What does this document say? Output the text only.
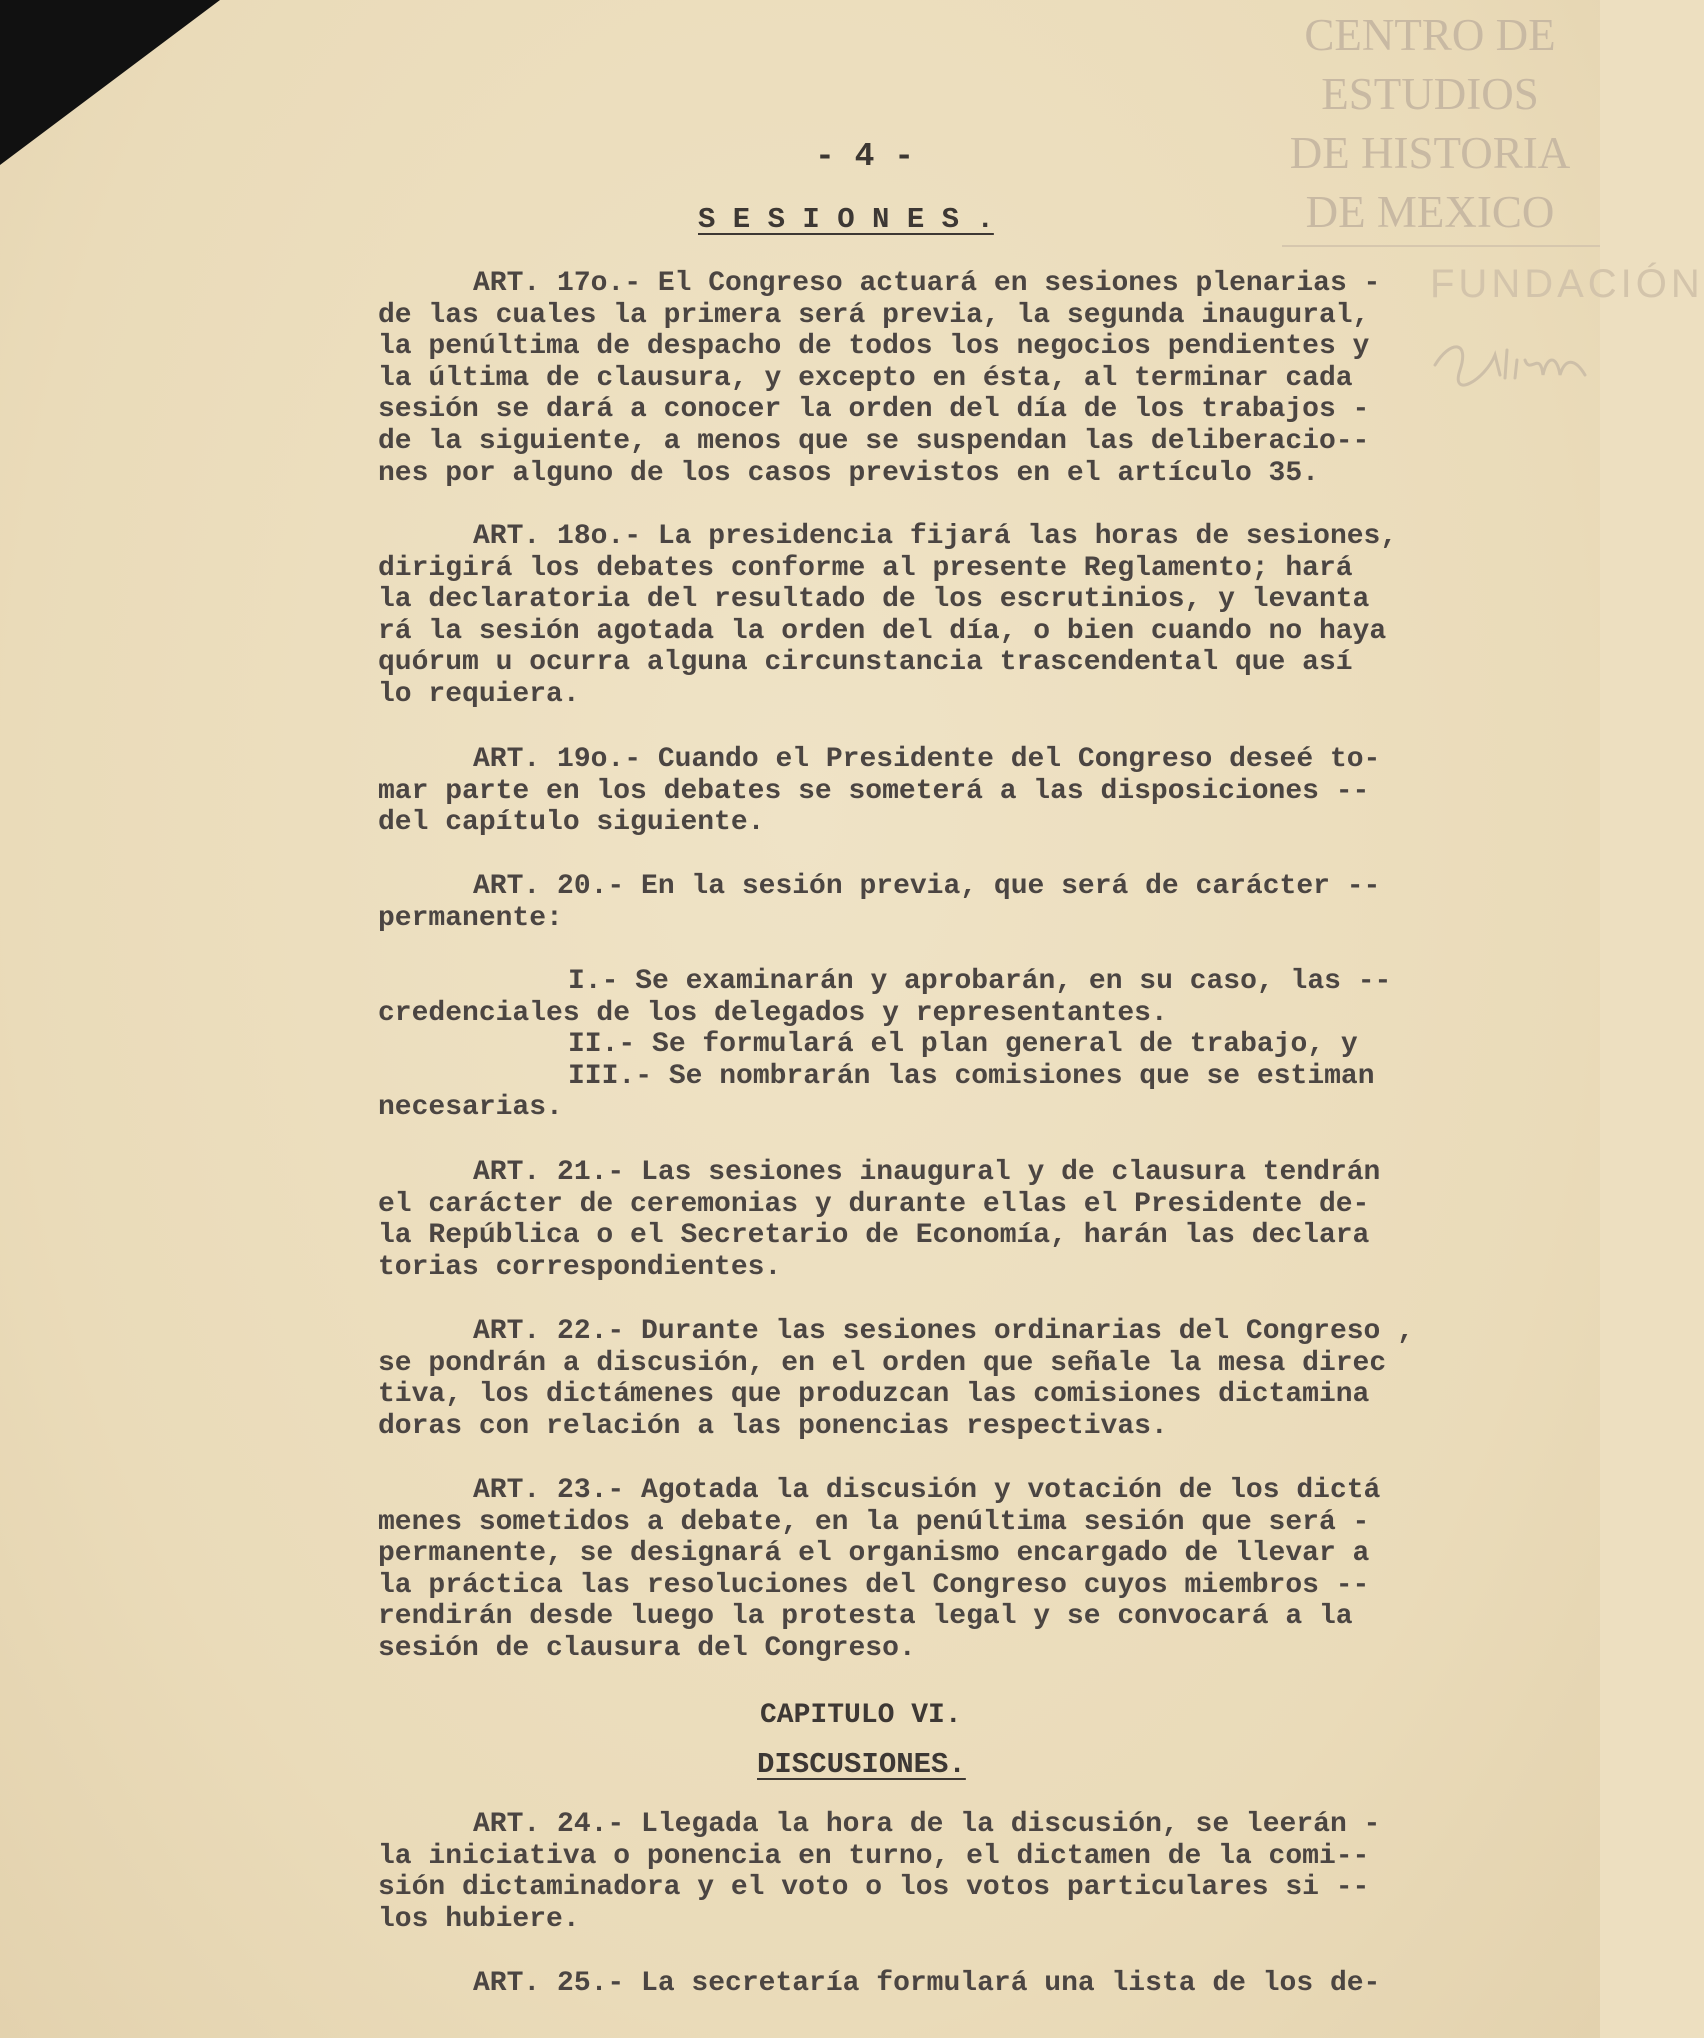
CENTRO DE
ESTUDIOS
DE HISTORIA
DE MEXICO
FUNDACIÓN
- 4 -
S E S I O N E S .
ART. 17o.- El Congreso actuará en sesiones plenarias -
de las cuales la primera será previa, la segunda inaugural,
la penúltima de despacho de todos los negocios pendientes y
la última de clausura, y excepto en ésta, al terminar cada
sesión se dará a conocer la orden del día de los trabajos -
de la siguiente, a menos que se suspendan las deliberacio--
nes por alguno de los casos previstos en el artículo 35.
ART. 18o.- La presidencia fijará las horas de sesiones,
dirigirá los debates conforme al presente Reglamento; hará
la declaratoria del resultado de los escrutinios, y levanta
rá la sesión agotada la orden del día, o bien cuando no haya
quórum u ocurra alguna circunstancia trascendental que así
lo requiera.
ART. 19o.- Cuando el Presidente del Congreso deseé to-
mar parte en los debates se someterá a las disposiciones --
del capítulo siguiente.
ART. 20.- En la sesión previa, que será de carácter --
permanente:
I.- Se examinarán y aprobarán, en su caso, las --
credenciales de los delegados y representantes.
II.- Se formulará el plan general de trabajo, y
III.- Se nombrarán las comisiones que se estiman
necesarias.
ART. 21.- Las sesiones inaugural y de clausura tendrán
el carácter de ceremonias y durante ellas el Presidente de-
la República o el Secretario de Economía, harán las declara
torias correspondientes.
ART. 22.- Durante las sesiones ordinarias del Congreso ,
se pondrán a discusión, en el orden que señale la mesa direc
tiva, los dictámenes que produzcan las comisiones dictamina
doras con relación a las ponencias respectivas.
ART. 23.- Agotada la discusión y votación de los dictá
menes sometidos a debate, en la penúltima sesión que será -
permanente, se designará el organismo encargado de llevar a
la práctica las resoluciones del Congreso cuyos miembros --
rendirán desde luego la protesta legal y se convocará a la
sesión de clausura del Congreso.
CAPITULO VI.
DISCUSIONES.
ART. 24.- Llegada la hora de la discusión, se leerán -
la iniciativa o ponencia en turno, el dictamen de la comi--
sión dictaminadora y el voto o los votos particulares si --
los hubiere.
ART. 25.- La secretaría formulará una lista de los de-
